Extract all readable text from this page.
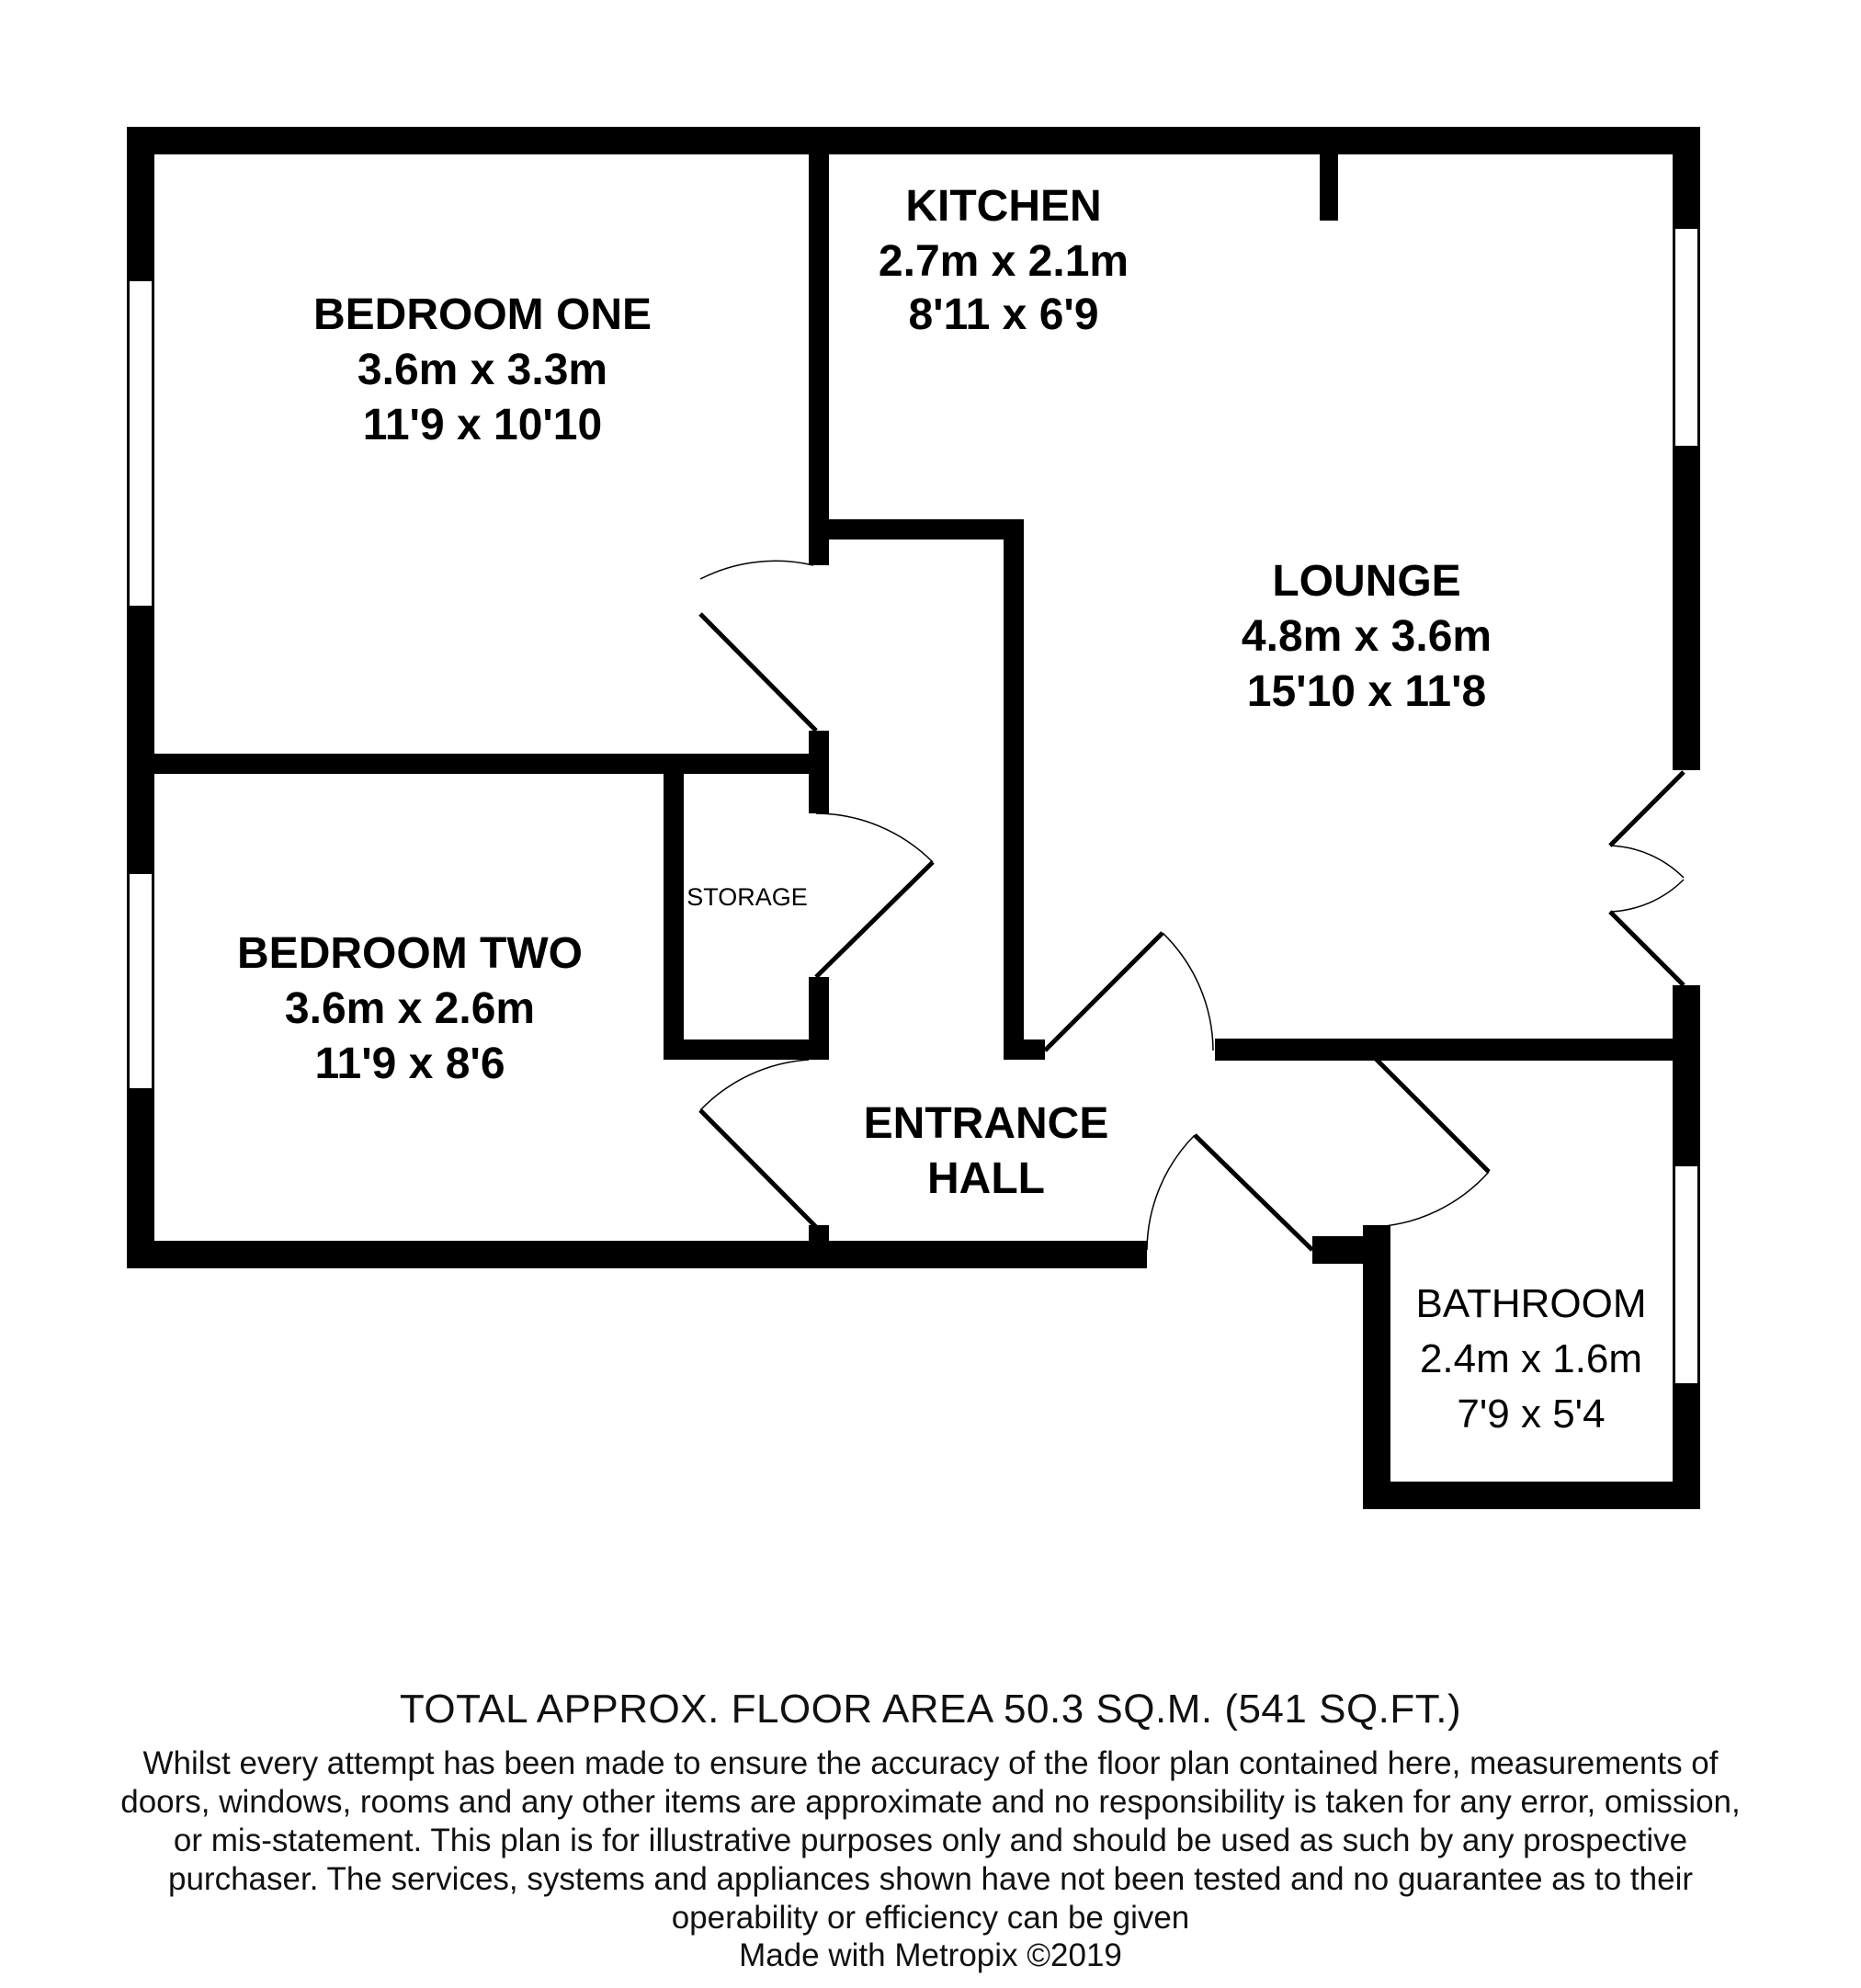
BEDROOM ONE
3.6m x 3.3m
11'9 x 10'10
KITCHEN
2.7m x 2.1m
8'11 x 6'9
LOUNGE
4.8m x 3.6m
15'10 x 11'8
BEDROOM TWO
3.6m x 2.6m
11'9 x 8'6
STORAGE
ENTRANCE
HALL
BATHROOM
2.4m x 1.6m
7'9 x 5'4
TOTAL APPROX. FLOOR AREA 50.3 SQ.M. (541 SQ.FT.)
Whilst every attempt has been made to ensure the accuracy of the floor plan contained here, measurements of doors, windows, rooms and any other items are approximate and no responsibility is taken for any error, omission, or mis-statement. This plan is for illustrative purposes only and should be used as such by any prospective purchaser. The services, systems and appliances shown have not been tested and no guarantee as to their operability or efficiency can be given
Made with Metropix ©2019
